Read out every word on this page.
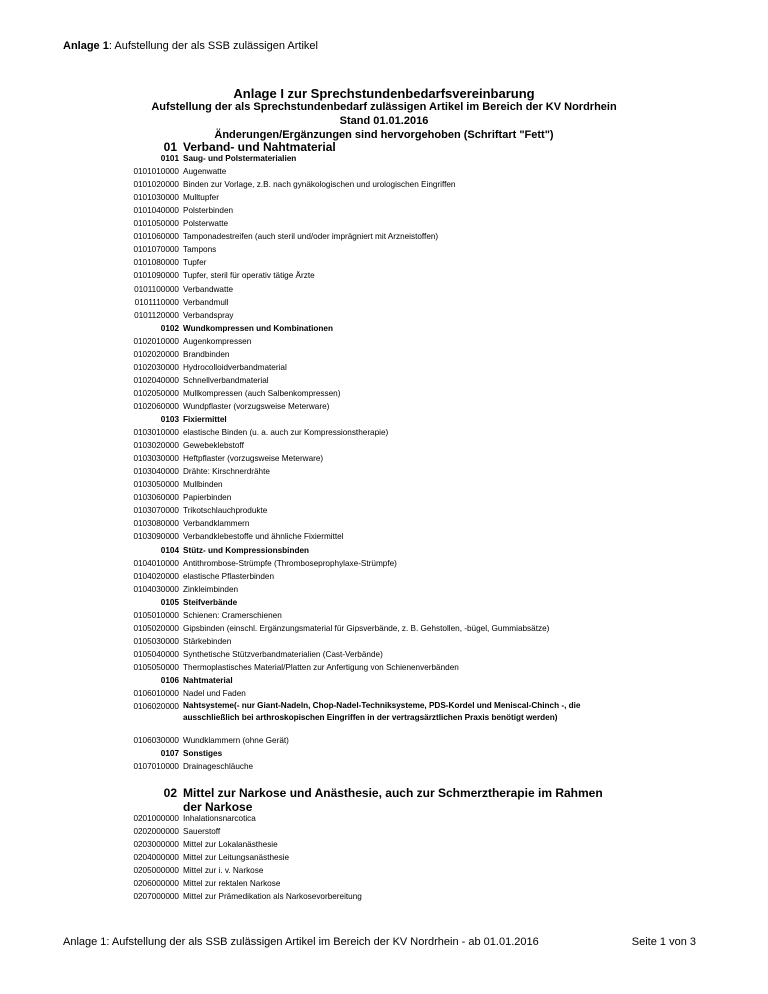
Anlage 1: Aufstellung der als SSB zulässigen Artikel
Anlage I zur Sprechstundenbedarfsvereinbarung
Aufstellung der als Sprechstundenbedarf zulässigen Artikel im Bereich der KV Nordrhein
Stand 01.01.2016
Änderungen/Ergänzungen sind hervorgehoben (Schriftart "Fett")
01 Verband- und Nahtmaterial
0101 Saug- und Polstermaterialien
0101010000 Augenwatte
0101020000 Binden zur Vorlage, z.B. nach gynäkologischen und urologischen Eingriffen
0101030000 Mulltupfer
0101040000 Polsterbinden
0101050000 Polsterwatte
0101060000 Tamponadestreifen (auch steril und/oder imprägniert mit Arzneistoffen)
0101070000 Tampons
0101080000 Tupfer
0101090000 Tupfer, steril für operativ tätige Ärzte
0101100000 Verbandwatte
0101110000 Verbandmull
0101120000 Verbandspray
0102 Wundkompressen und Kombinationen
0102010000 Augenkompressen
0102020000 Brandbinden
0102030000 Hydrocolloidverbandmaterial
0102040000 Schnellverbandmaterial
0102050000 Mullkompressen (auch Salbenkompressen)
0102060000 Wundpflaster (vorzugsweise Meterware)
0103 Fixiermittel
0103010000 elastische Binden (u. a. auch zur Kompressionstherapie)
0103020000 Gewebeklebstoff
0103030000 Heftpflaster (vorzugsweise Meterware)
0103040000 Drähte: Kirschnerdrähte
0103050000 Mullbinden
0103060000 Papierbinden
0103070000 Trikotschlauchprodukte
0103080000 Verbandklammern
0103090000 Verbandklebestoffe und ähnliche Fixiermittel
0104 Stütz- und Kompressionsbinden
0104010000 Antithrombose-Strümpfe (Thromboseprophylaxe-Strümpfe)
0104020000 elastische Pflasterbinden
0104030000 Zinkleimbinden
0105 Steifverbände
0105010000 Schienen: Cramerschienen
0105020000 Gipsbinden (einschl. Ergänzungsmaterial für Gipsverbände, z. B. Gehstollen, -bügel, Gummiabsätze)
0105030000 Stärkebinden
0105040000 Synthetische Stützverbandmaterialien (Cast-Verbände)
0105050000 Thermoplastisches Material/Platten zur Anfertigung von Schienenverbänden
0106 Nahtmaterial
0106010000 Nadel und Faden
0106020000 Nahtsysteme(- nur Giant-Nadeln, Chop-Nadel-Techniksysteme, PDS-Kordel und Meniscal-Chinch -, die ausschließlich bei arthroskopischen Eingriffen in der vertragsärztlichen Praxis benötigt werden)
0106030000 Wundklammern (ohne Gerät)
0107 Sonstiges
0107010000 Drainageschläuche
02 Mittel zur Narkose und Anästhesie, auch zur Schmerztherapie im Rahmen der Narkose
0201000000 Inhalationsnarcotica
0202000000 Sauerstoff
0203000000 Mittel zur Lokalanästhesie
0204000000 Mittel zur Leitungsanästhesie
0205000000 Mittel zur i. v. Narkose
0206000000 Mittel zur rektalen Narkose
0207000000 Mittel zur Prämedikation als Narkosevorbereitung
Anlage 1: Aufstellung der als SSB zulässigen Artikel im Bereich der KV Nordrhein - ab 01.01.2016	Seite 1 von 3
